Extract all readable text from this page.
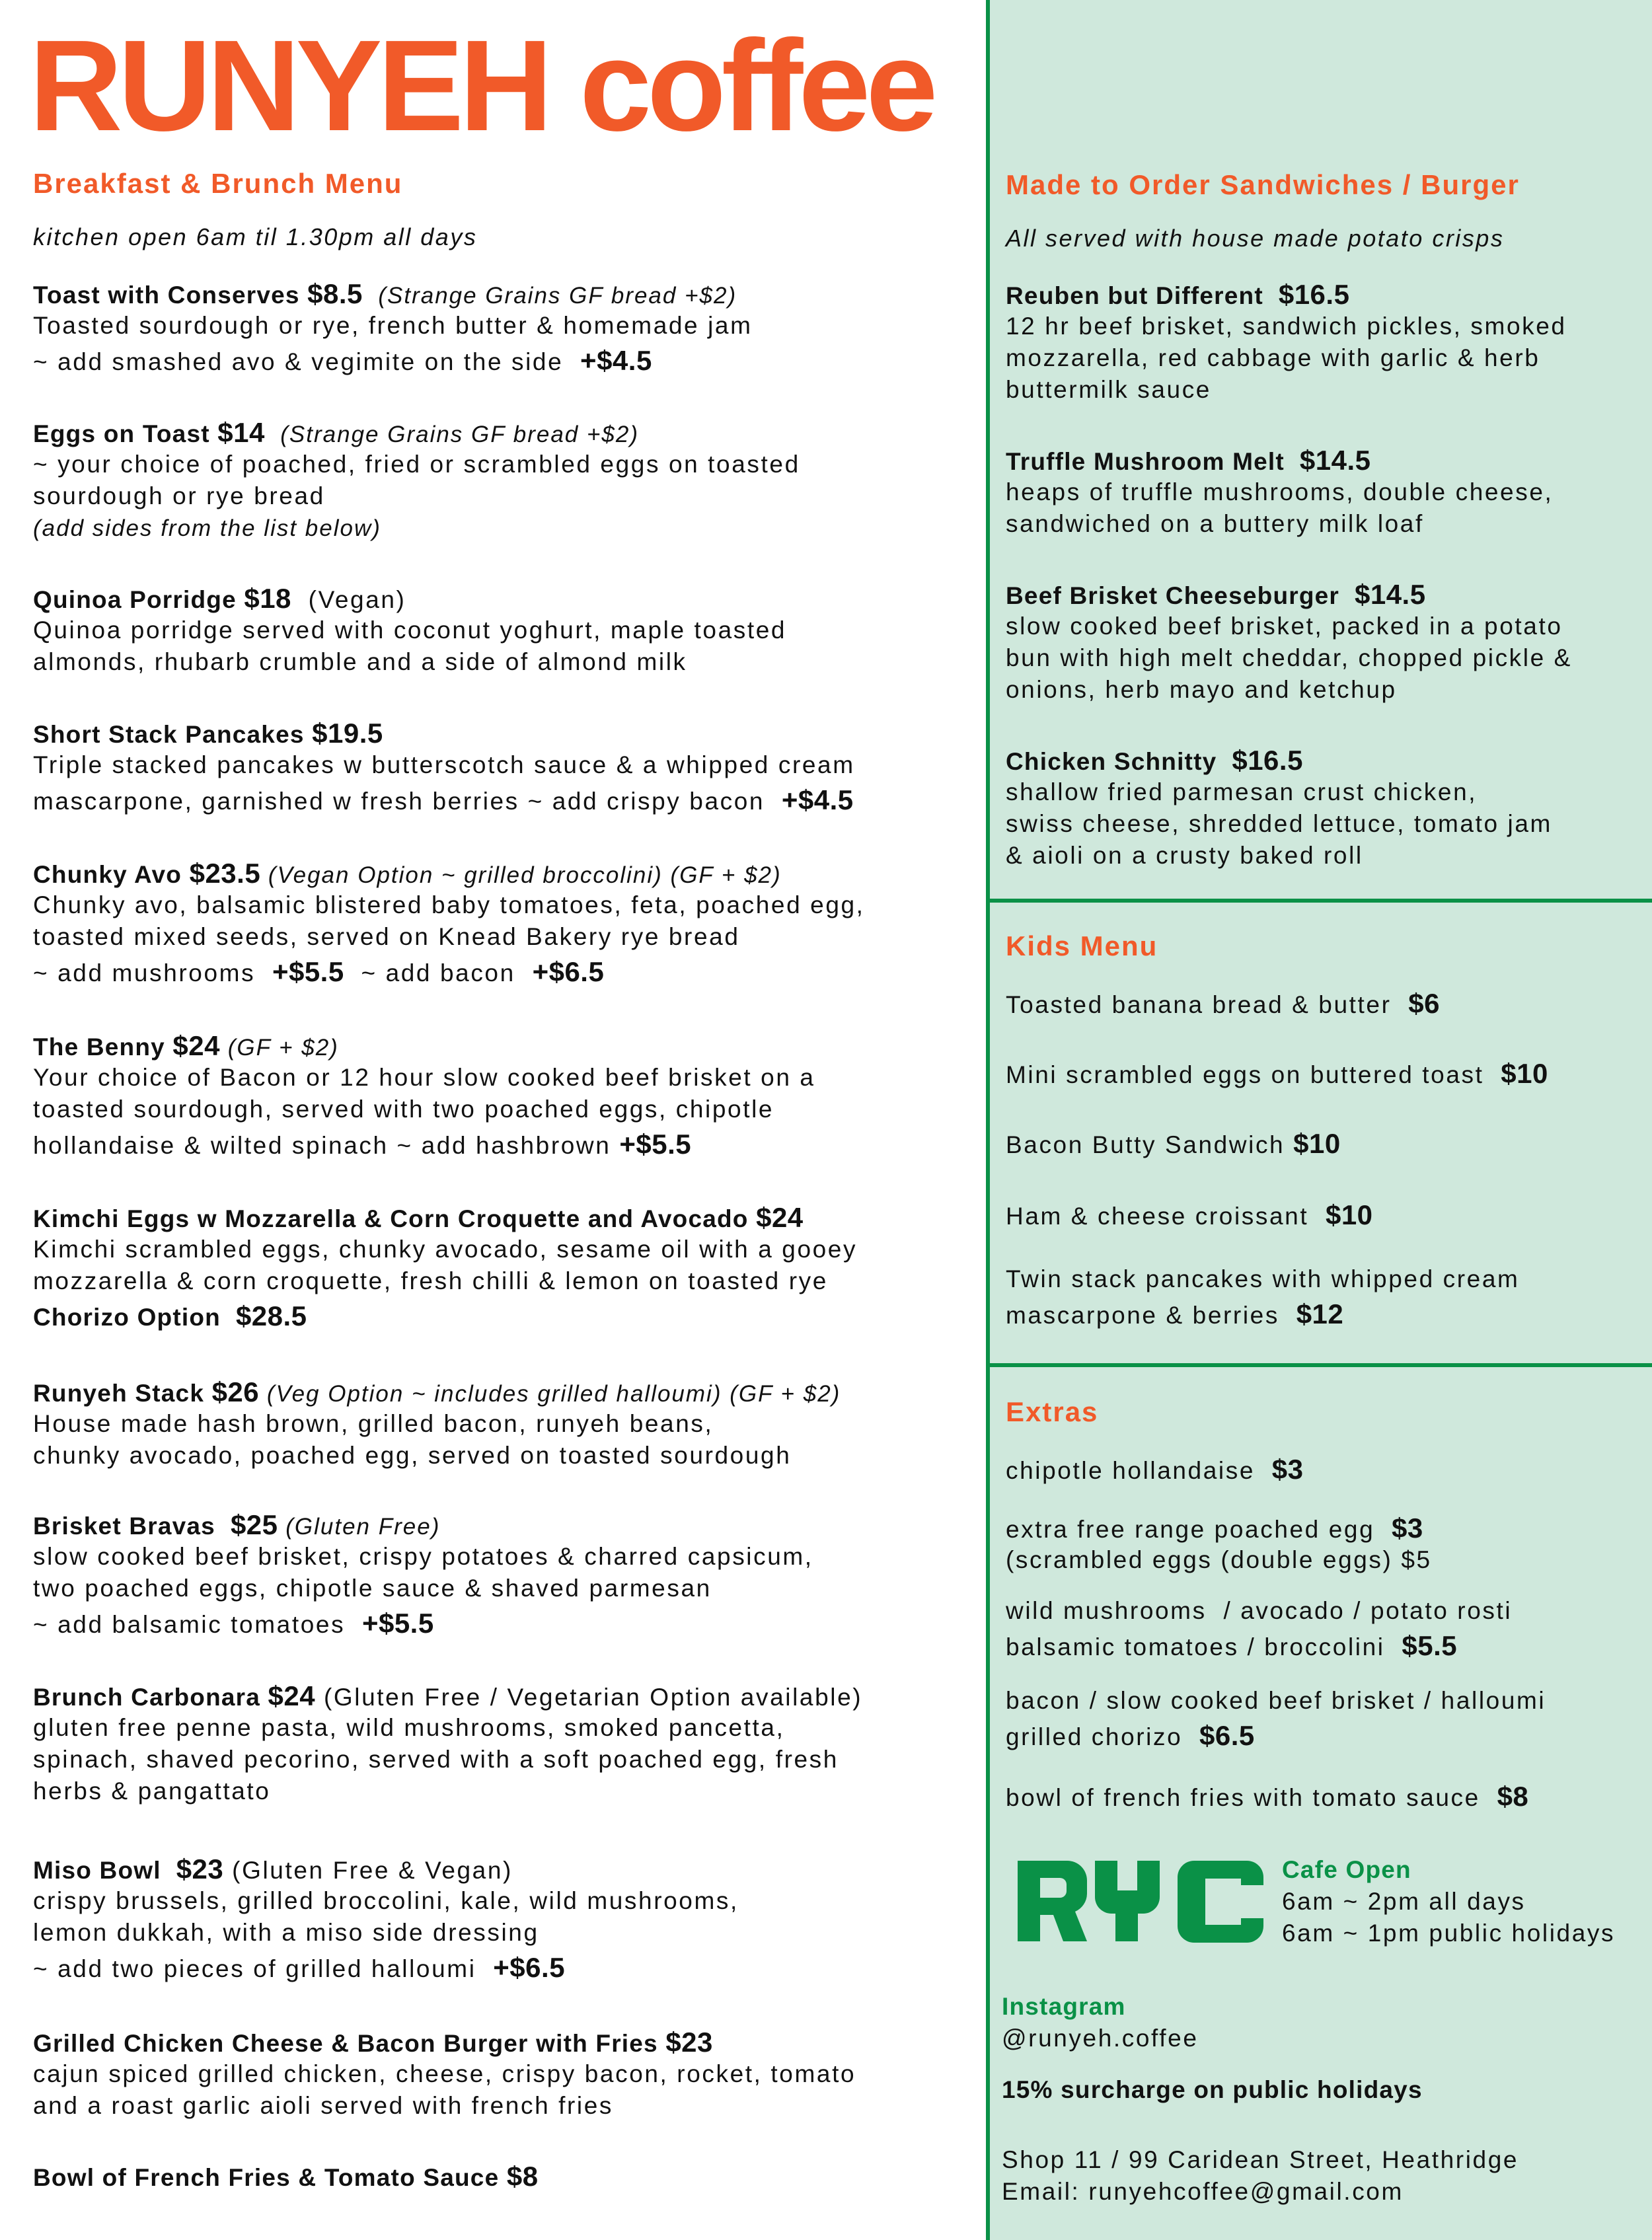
RUNYEH coffee
Breakfast & Brunch Menu
kitchen open 6am til 1.30pm all days
Made to Order Sandwiches / Burger
All served with house made potato crisps
Kids Menu
Extras
Toast with Conserves $8.5  (Strange Grains GF bread +$2)
Toasted sourdough or rye, french butter & homemade jam
~ add smashed avo & vegimite on the side  +$4.5
Eggs on Toast $14  (Strange Grains GF bread +$2)
~ your choice of poached, fried or scrambled eggs on toasted
sourdough or rye bread
(add sides from the list below)
Quinoa Porridge $18  (Vegan)
Quinoa porridge served with coconut yoghurt, maple toasted
almonds, rhubarb crumble and a side of almond milk
Short Stack Pancakes $19.5
Triple stacked pancakes w butterscotch sauce & a whipped cream
mascarpone, garnished w fresh berries ~ add crispy bacon  +$4.5
Chunky Avo $23.5 (Vegan Option ~ grilled broccolini) (GF + $2)
Chunky avo, balsamic blistered baby tomatoes, feta, poached egg,
toasted mixed seeds, served on Knead Bakery rye bread
~ add mushrooms  +$5.5  ~ add bacon  +$6.5
The Benny $24 (GF + $2)
Your choice of Bacon or 12 hour slow cooked beef brisket on a
toasted sourdough, served with two poached eggs, chipotle
hollandaise & wilted spinach ~ add hashbrown +$5.5
Kimchi Eggs w Mozzarella & Corn Croquette and Avocado $24
Kimchi scrambled eggs, chunky avocado, sesame oil with a gooey
mozzarella & corn croquette, fresh chilli & lemon on toasted rye
Chorizo Option  $28.5
Runyeh Stack $26 (Veg Option ~ includes grilled halloumi) (GF + $2)
House made hash brown, grilled bacon, runyeh beans,
chunky avocado, poached egg, served on toasted sourdough
Brisket Bravas  $25 (Gluten Free)
slow cooked beef brisket, crispy potatoes & charred capsicum,
two poached eggs, chipotle sauce & shaved parmesan
~ add balsamic tomatoes  +$5.5
Brunch Carbonara $24 (Gluten Free / Vegetarian Option available)
gluten free penne pasta, wild mushrooms, smoked pancetta,
spinach, shaved pecorino, served with a soft poached egg, fresh
herbs & pangattato
Miso Bowl  $23 (Gluten Free & Vegan)
crispy brussels, grilled broccolini, kale, wild mushrooms,
lemon dukkah, with a miso side dressing
~ add two pieces of grilled halloumi  +$6.5
Grilled Chicken Cheese & Bacon Burger with Fries $23
cajun spiced grilled chicken, cheese, crispy bacon, rocket, tomato
and a roast garlic aioli served with french fries
Bowl of French Fries & Tomato Sauce $8
Reuben but Different  $16.5
12 hr beef brisket, sandwich pickles, smoked
mozzarella, red cabbage with garlic & herb
buttermilk sauce
Truffle Mushroom Melt  $14.5
heaps of truffle mushrooms, double cheese,
sandwiched on a buttery milk loaf
Beef Brisket Cheeseburger  $14.5
slow cooked beef brisket, packed in a potato
bun with high melt cheddar, chopped pickle &
onions, herb mayo and ketchup
Chicken Schnitty  $16.5
shallow fried parmesan crust chicken,
swiss cheese, shredded lettuce, tomato jam
& aioli on a crusty baked roll
Toasted banana bread & butter  $6
Mini scrambled eggs on buttered toast  $10
Bacon Butty Sandwich $10
Ham & cheese croissant  $10
Twin stack pancakes with whipped cream
mascarpone & berries  $12
chipotle hollandaise  $3
extra free range poached egg  $3
(scrambled eggs (double eggs) $5
wild mushrooms  / avocado / potato rosti
balsamic tomatoes / broccolini  $5.5
bacon / slow cooked beef brisket / halloumi
grilled chorizo  $6.5
bowl of french fries with tomato sauce  $8
Cafe Open
6am ~ 2pm all days
6am ~ 1pm public holidays
Instagram
@runyeh.coffee
15% surcharge on public holidays
Shop 11 / 99 Caridean Street, Heathridge
Email: runyehcoffee@gmail.com
